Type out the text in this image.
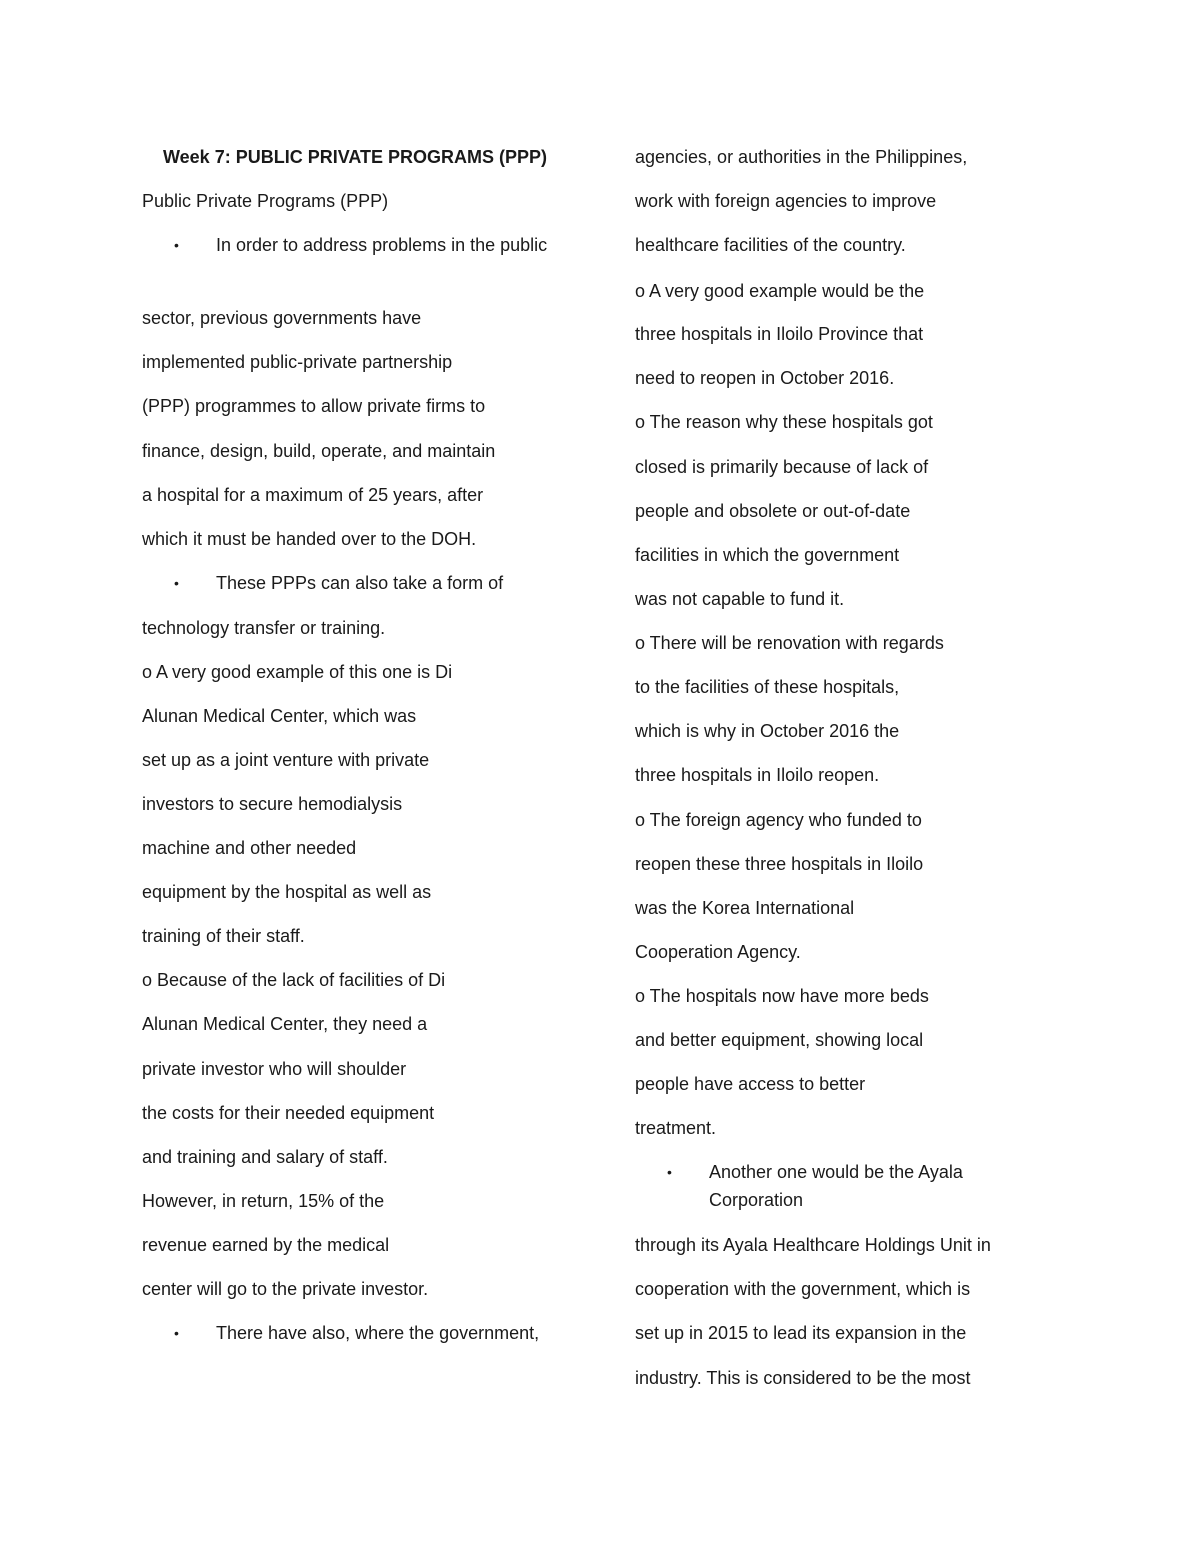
Week 7: PUBLIC PRIVATE PROGRAMS (PPP)
Public Private Programs (PPP)
• In order to address problems in the public
sector, previous governments have
implemented public-private partnership
(PPP) programmes to allow private firms to
finance, design, build, operate, and maintain
a hospital for a maximum of 25 years, after
which it must be handed over to the DOH.
• These PPPs can also take a form of
technology transfer or training.
o A very good example of this one is Di
Alunan Medical Center, which was
set up as a joint venture with private
investors to secure hemodialysis
machine and other needed
equipment by the hospital as well as
training of their staff.
o Because of the lack of facilities of Di
Alunan Medical Center, they need a
private investor who will shoulder
the costs for their needed equipment
and training and salary of staff.
However, in return, 15% of the
revenue earned by the medical
center will go to the private investor.
• There have also, where the government,
agencies, or authorities in the Philippines,
work with foreign agencies to improve
healthcare facilities of the country.
o A very good example would be the
three hospitals in Iloilo Province that
need to reopen in October 2016.
o The reason why these hospitals got
closed is primarily because of lack of
people and obsolete or out-of-date
facilities in which the government
was not capable to fund it.
o There will be renovation with regards
to the facilities of these hospitals,
which is why in October 2016 the
three hospitals in Iloilo reopen.
o The foreign agency who funded to
reopen these three hospitals in Iloilo
was the Korea International
Cooperation Agency.
o The hospitals now have more beds
and better equipment, showing local
people have access to better
treatment.
• Another one would be the Ayala Corporation
through its Ayala Healthcare Holdings Unit in
cooperation with the government, which is
set up in 2015 to lead its expansion in the
industry. This is considered to be the most
